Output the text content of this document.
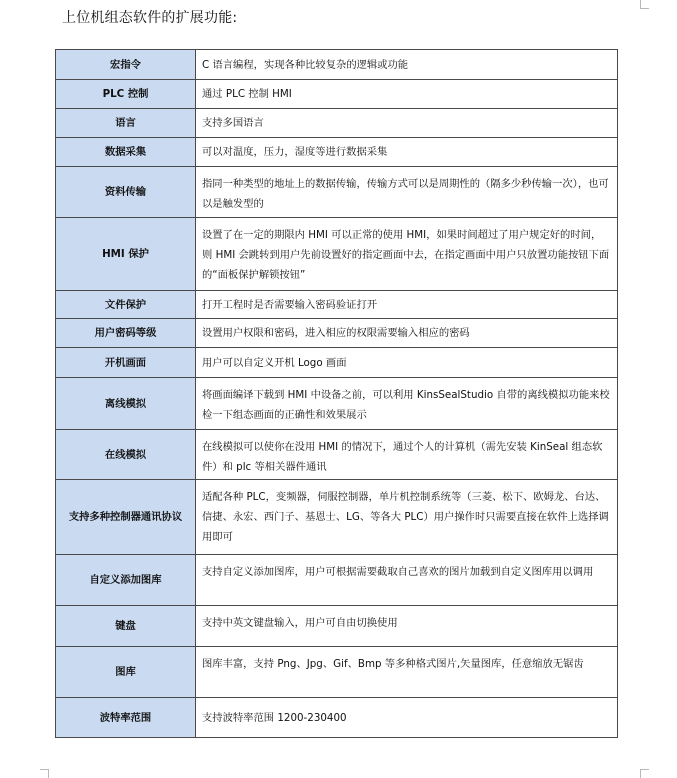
上位机组态软件的扩展功能:
宏指令	C 语言编程，实现各种比较复杂的逻辑或功能
PLC 控制	通过 PLC 控制 HMI
语言	支持多国语言
数据采集	可以对温度，压力，湿度等进行数据采集
资料传输	指同一种类型的地址上的数据传输，传输方式可以是周期性的（隔多少秒传输一次），也可以是触发型的
HMI 保护	设置了在一定的期限内 HMI 可以正常的使用 HMI，如果时间超过了用户规定好的时间，则 HMI 会跳转到用户先前设置好的指定画面中去，在指定画面中用户只放置功能按钮下面的“面板保护解锁按钮”
文件保护	打开工程时是否需要输入密码验证打开
用户密码等级	设置用户权限和密码，进入相应的权限需要输入相应的密码
开机画面	用户可以自定义开机 Logo 画面
离线模拟	将画面编译下载到 HMI 中设备之前，可以利用 KinsSealStudio 自带的离线模拟功能来校检一下组态画面的正确性和效果展示
在线模拟	在线模拟可以使你在没用 HMI 的情况下，通过个人的计算机（需先安装 KinSeal 组态软件）和 plc 等相关器件通讯
支持多种控制器通讯协议	适配各种 PLC，变频器，伺服控制器，单片机控制系统等（三菱、松下、欧姆龙、台达、信捷、永宏、西门子、基恩士、LG、等各大 PLC）用户操作时只需要直接在软件上选择调用即可
自定义添加图库	支持自定义添加图库，用户可根据需要截取自己喜欢的图片加载到自定义图库用以调用
键盘	支持中英文键盘输入，用户可自由切换使用
图库	图库丰富，支持 Png、Jpg、Gif、Bmp 等多种格式图片,矢量图库，任意缩放无锯齿
波特率范围	支持波特率范围 1200-230400
